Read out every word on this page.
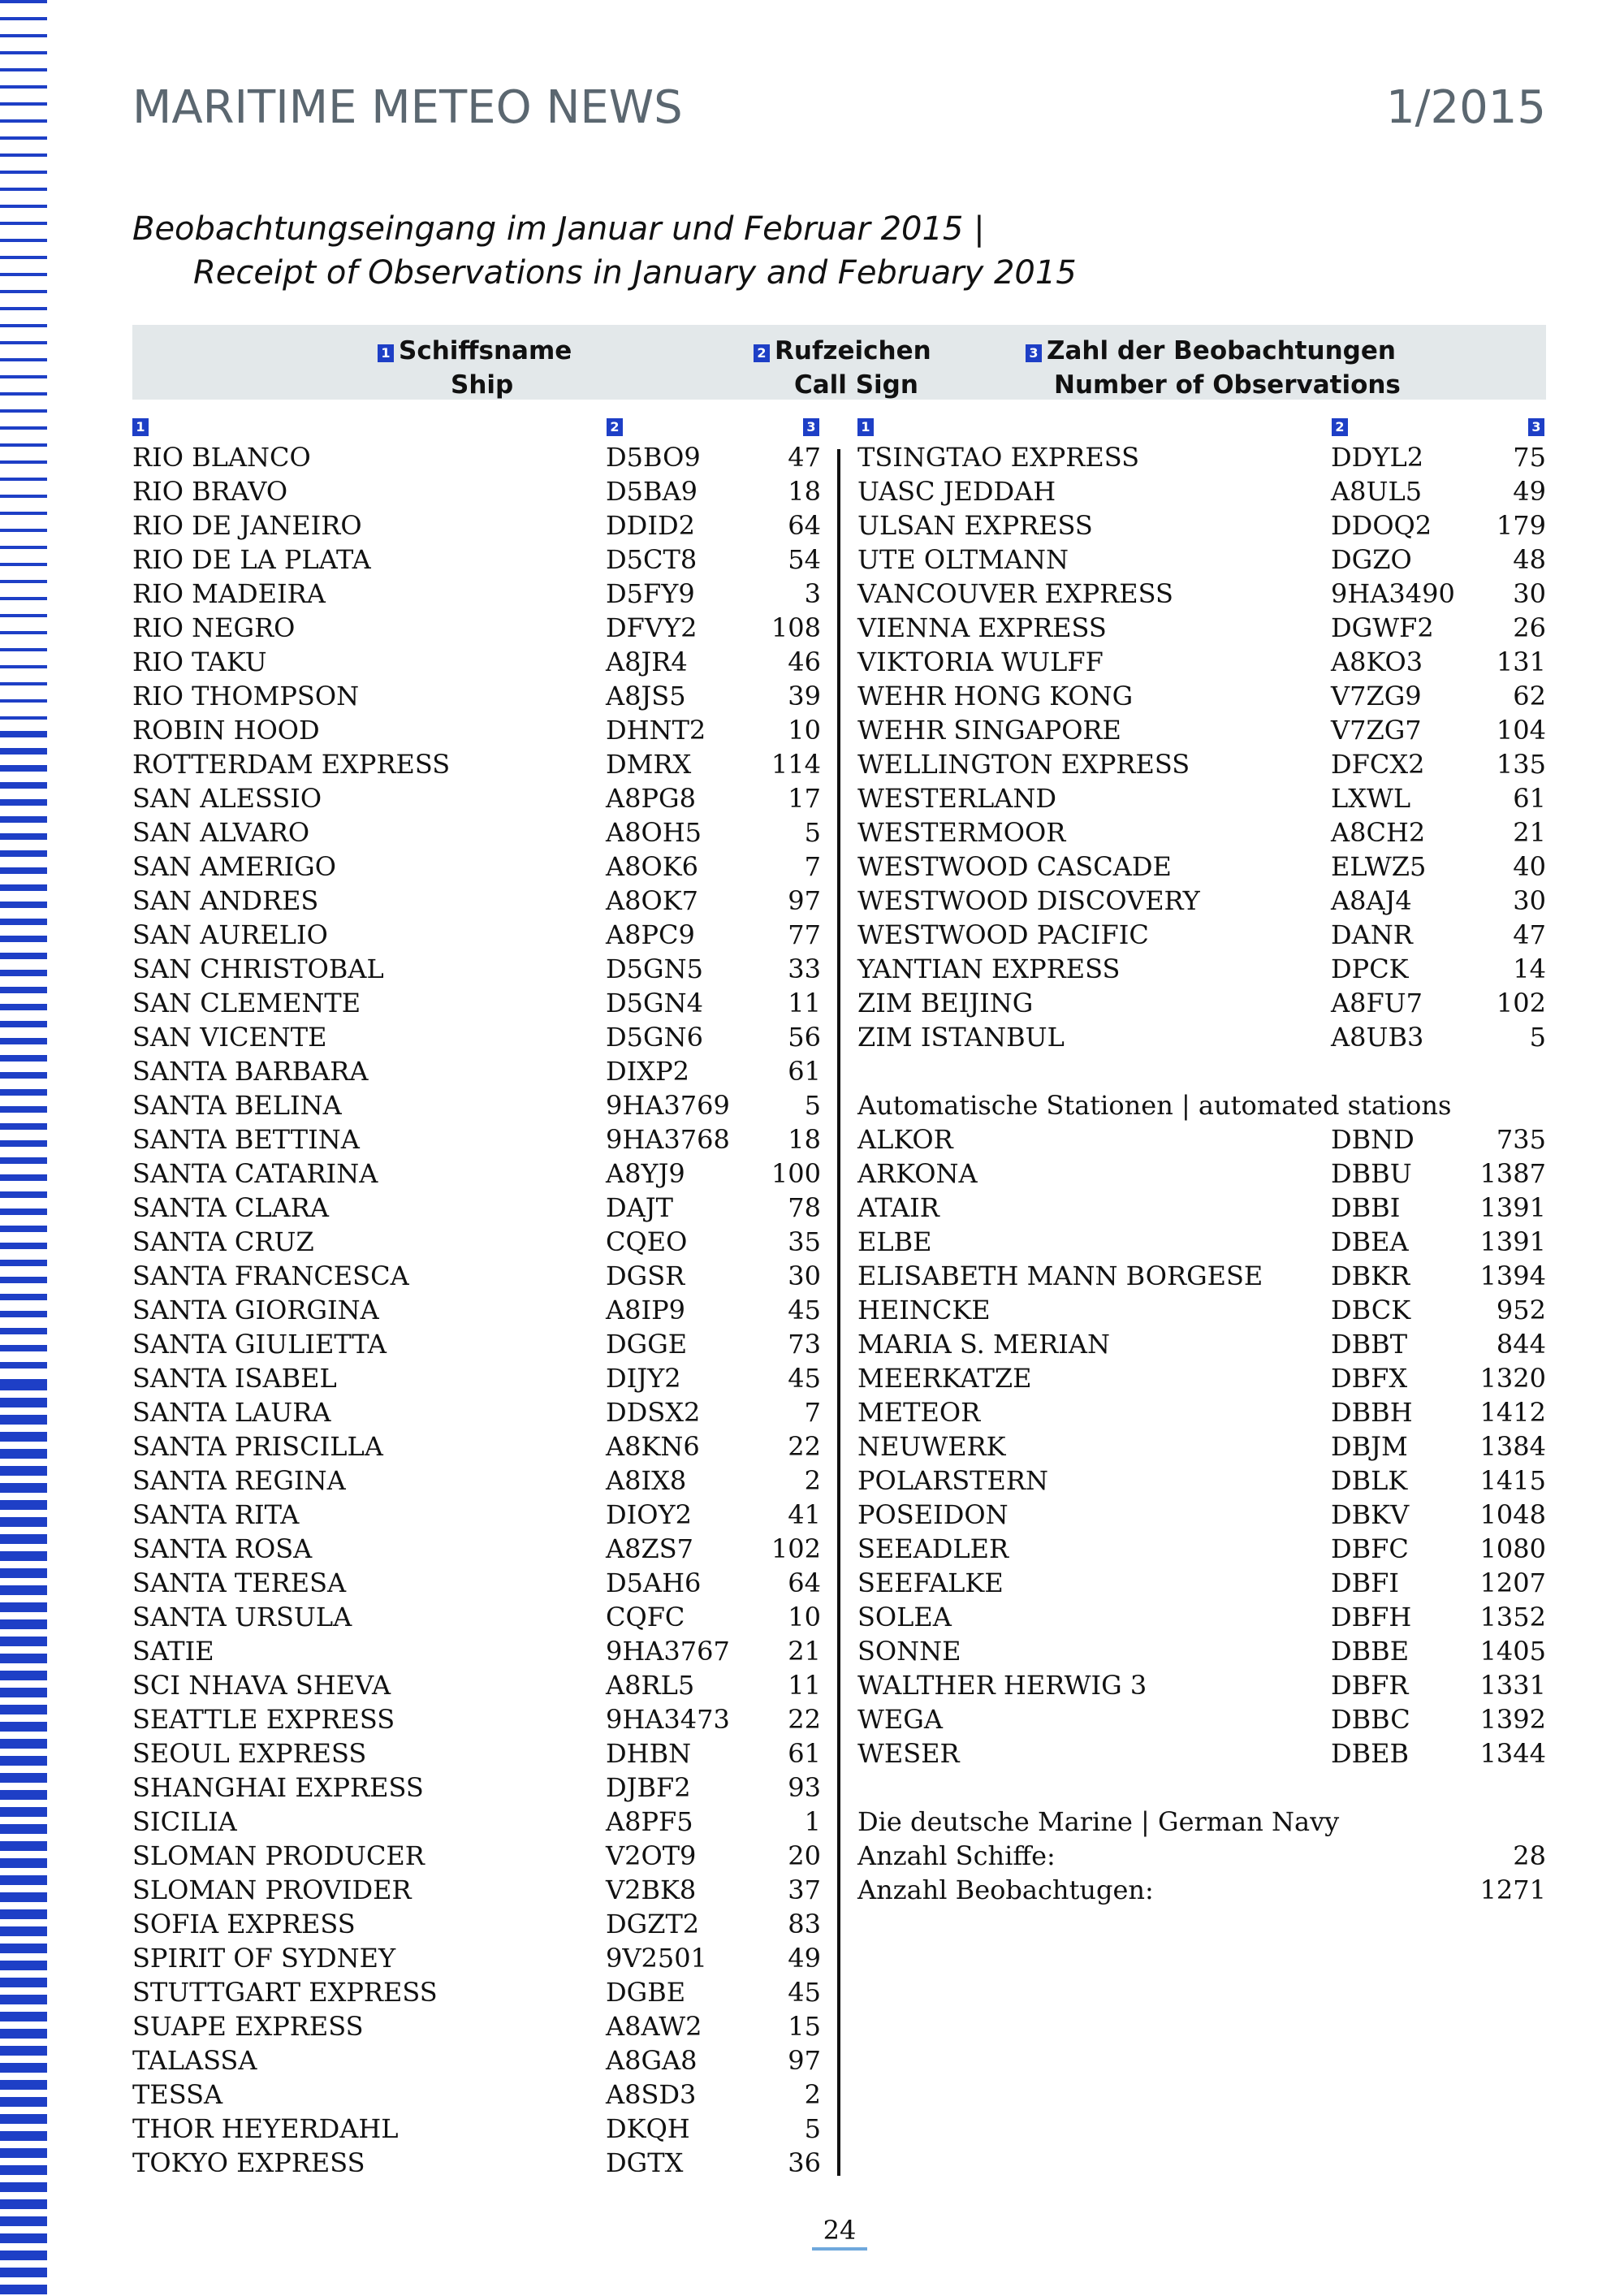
MARITIME METEO NEWS	1/2015
Beobachtungseingang im Januar und Februar 2015 |
Receipt of Observations in January and February 2015
1 Schiffsname
Ship
2 Rufzeichen
Call Sign
3 Zahl der Beobachtungen
Number of Observations
1	2	3	1	2	3
RIO BLANCO	D5BO9	47
RIO BRAVO	D5BA9	18
RIO DE JANEIRO	DDID2	64
RIO DE LA PLATA	D5CT8	54
RIO MADEIRA	D5FY9	3
RIO NEGRO	DFVY2	108
RIO TAKU	A8JR4	46
RIO THOMPSON	A8JS5	39
ROBIN HOOD	DHNT2	10
ROTTERDAM EXPRESS	DMRX	114
SAN ALESSIO	A8PG8	17
SAN ALVARO	A8OH5	5
SAN AMERIGO	A8OK6	7
SAN ANDRES	A8OK7	97
SAN AURELIO	A8PC9	77
SAN CHRISTOBAL	D5GN5	33
SAN CLEMENTE	D5GN4	11
SAN VICENTE	D5GN6	56
SANTA BARBARA	DIXP2	61
SANTA BELINA	9HA3769	5
SANTA BETTINA	9HA3768 18
SANTA CATARINA	A8YJ9	100
SANTA CLARA	DAJT	78
SANTA CRUZ	CQEO	35
SANTA FRANCESCA	DGSR	30
SANTA GIORGINA	A8IP9	45
SANTA GIULIETTA	DGGE	73
SANTA ISABEL	DIJY2	45
SANTA LAURA	DDSX2	7
SANTA PRISCILLA	A8KN6	22
SANTA REGINA	A8IX8	2
SANTA RITA	DIOY2	41
SANTA ROSA	A8ZS7	102
SANTA TERESA	D5AH6	64
SANTA URSULA	CQFC	10
SATIE	9HA3767 21
SCI NHAVA SHEVA	A8RL5	11
SEATTLE EXPRESS	9HA3473 22
SEOUL EXPRESS	DHBN	61
SHANGHAI EXPRESS	DJBF2	93
SICILIA	A8PF5	1
SLOMAN PRODUCER	V2OT9	20
SLOMAN PROVIDER	V2BK8	37
SOFIA EXPRESS	DGZT2	83
SPIRIT OF SYDNEY	9V2501	49
STUTTGART EXPRESS	DGBE	45
SUAPE EXPRESS	A8AW2	15
TALASSA	A8GA8	97
TESSA	A8SD3	2
THOR HEYERDAHL	DKQH	5
TOKYO EXPRESS	DGTX	36
TSINGTAO EXPRESS	DDYL2	75
UASC JEDDAH	A8UL5	49
ULSAN EXPRESS	DDOQ2 179
UTE OLTMANN	DGZO	48
VANCOUVER EXPRESS	9HA3490 30
VIENNA EXPRESS	DGWF2	26
VIKTORIA WULFF	A8KO3	131
WEHR HONG KONG	V7ZG9	62
WEHR SINGAPORE	V7ZG7	104
WELLINGTON EXPRESS	DFCX2	135
WESTERLAND	LXWL	61
WESTERMOOR	A8CH2	21
WESTWOOD CASCADE	ELWZ5	40
WESTWOOD DISCOVERY	A8AJ4	30
WESTWOOD PACIFIC	DANR	47
YANTIAN EXPRESS	DPCK	14
ZIM BEIJING	A8FU7	102
ZIM ISTANBUL	A8UB3	5
Automatische Stationen | automated stations
ALKOR	DBND	735
ARKONA	DBBU	1387
ATAIR	DBBI	1391
ELBE	DBEA	1391
ELISABETH MANN BORGESE	DBKR	1394
HEINCKE	DBCK	952
MARIA S. MERIAN	DBBT	844
MEERKATZE	DBFX	1320
METEOR	DBBH	1412
NEUWERK	DBJM	1384
POLARSTERN	DBLK	1415
POSEIDON	DBKV	1048
SEEADLER	DBFC	1080
SEEFALKE	DBFI	1207
SOLEA	DBFH	1352
SONNE	DBBE	1405
WALTHER HERWIG 3	DBFR	1331
WEGA	DBBC	1392
WESER	DBEB	1344
Die deutsche Marine | German Navy
Anzahl Schiffe:	28
Anzahl Beobachtugen:	1271
24
